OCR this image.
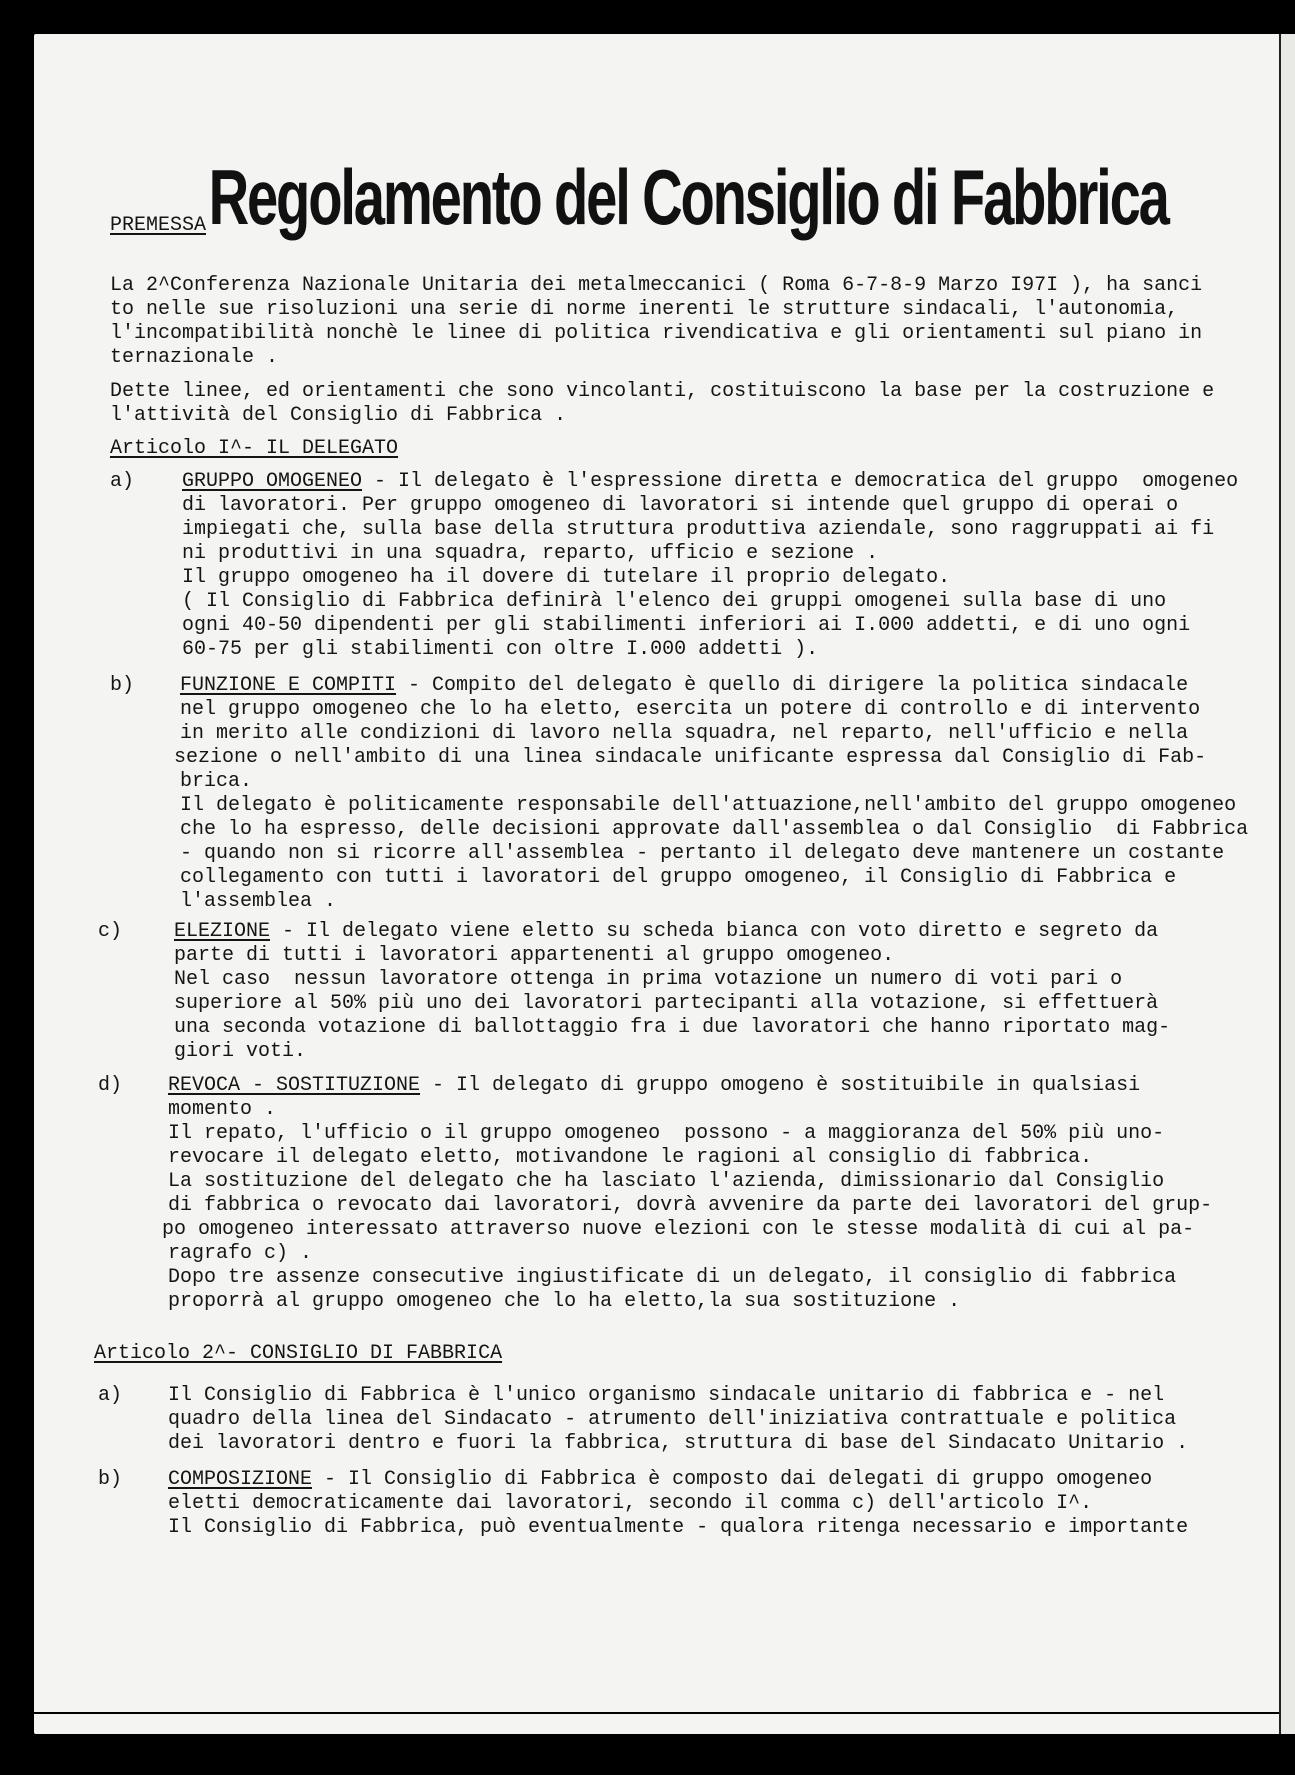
Regolamento del Consiglio di Fabbrica
PREMESSA
La 2^Conferenza Nazionale Unitaria dei metalmeccanici ( Roma 6-7-8-9 Marzo I97I ), ha sanci
to nelle sue risoluzioni una serie di norme inerenti le strutture sindacali, l'autonomia,
l'incompatibilità nonchè le linee di politica rivendicativa e gli orientamenti sul piano in
ternazionale .
Dette linee, ed orientamenti che sono vincolanti, costituiscono la base per la costruzione e
l'attività del Consiglio di Fabbrica .
Articolo I^- IL DELEGATO
a) GRUPPO OMOGENEO - Il delegato è l'espressione diretta e democratica del gruppo  omogeneo
di lavoratori. Per gruppo omogeneo di lavoratori si intende quel gruppo di operai o
impiegati che, sulla base della struttura produttiva aziendale, sono raggruppati ai fi
ni produttivi in una squadra, reparto, ufficio e sezione .
Il gruppo omogeneo ha il dovere di tutelare il proprio delegato.
( Il Consiglio di Fabbrica definirà l'elenco dei gruppi omogenei sulla base di uno
ogni 40-50 dipendenti per gli stabilimenti inferiori ai I.000 addetti, e di uno ogni
60-75 per gli stabilimenti con oltre I.000 addetti ).
b) FUNZIONE E COMPITI - Compito del delegato è quello di dirigere la politica sindacale
nel gruppo omogeneo che lo ha eletto, esercita un potere di controllo e di intervento
in merito alle condizioni di lavoro nella squadra, nel reparto, nell'ufficio e nella
sezione o nell'ambito di una linea sindacale unificante espressa dal Consiglio di Fab-
brica.
Il delegato è politicamente responsabile dell'attuazione,nell'ambito del gruppo omogeneo
che lo ha espresso, delle decisioni approvate dall'assemblea o dal Consiglio  di Fabbrica
- quando non si ricorre all'assemblea - pertanto il delegato deve mantenere un costante
collegamento con tutti i lavoratori del gruppo omogeneo, il Consiglio di Fabbrica e
l'assemblea .
c)	ELEZIONE - Il delegato viene eletto su scheda bianca con voto diretto e segreto da
parte di tutti i lavoratori appartenenti al gruppo omogeneo.
Nel caso  nessun lavoratore ottenga in prima votazione un numero di voti pari o
superiore al 50% più uno dei lavoratori partecipanti alla votazione, si effettuerà
una seconda votazione di ballottaggio fra i due lavoratori che hanno riportato mag-
giori voti.
d) REVOCA - SOSTITUZIONE - Il delegato di gruppo omogeno è sostituibile in qualsiasi
momento .
Il repato, l'ufficio o il gruppo omogeneo  possono - a maggioranza del 50% più uno-
revocare il delegato eletto, motivandone le ragioni al consiglio di fabbrica.
La sostituzione del delegato che ha lasciato l'azienda, dimissionario dal Consiglio
di fabbrica o revocato dai lavoratori, dovrà avvenire da parte dei lavoratori del grup-
po omogeneo interessato attraverso nuove elezioni con le stesse modalità di cui al pa-
ragrafo c) .
Dopo tre assenze consecutive ingiustificate di un delegato, il consiglio di fabbrica
proporrà al gruppo omogeneo che lo ha eletto,la sua sostituzione .
Articolo 2^- CONSIGLIO DI FABBRICA
a) Il Consiglio di Fabbrica è l'unico organismo sindacale unitario di fabbrica e - nel
quadro della linea del Sindacato - atrumento dell'iniziativa contrattuale e politica
dei lavoratori dentro e fuori la fabbrica, struttura di base del Sindacato Unitario .
b) COMPOSIZIONE - Il Consiglio di Fabbrica è composto dai delegati di gruppo omogeneo
eletti democraticamente dai lavoratori, secondo il comma c) dell'articolo I^.
Il Consiglio di Fabbrica, può eventualmente - qualora ritenga necessario e importante
